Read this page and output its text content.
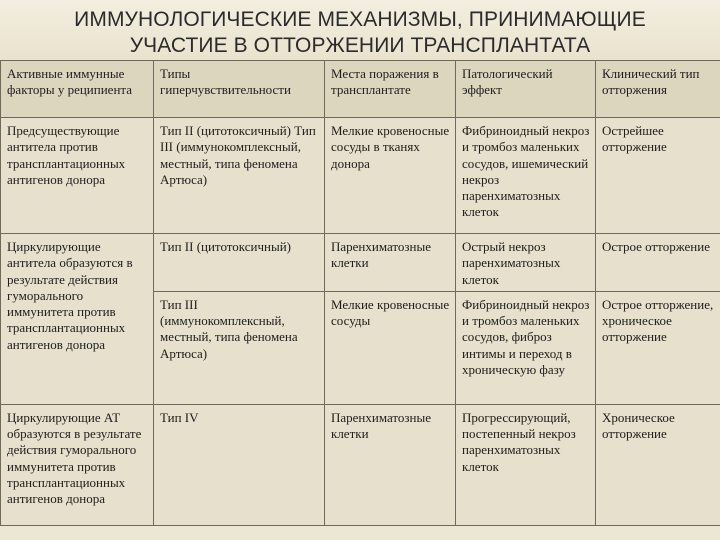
ИММУНОЛОГИЧЕСКИЕ МЕХАНИЗМЫ, ПРИНИМАЮЩИЕ
УЧАСТИЕ В ОТТОРЖЕНИИ ТРАНСПЛАНТАТА
Активные иммунные факторы у реципиента	Типы гиперчувствительности	Места поражения в трансплантате	Патологический эффект	Клинический тип отторжения

Предсуществующие антитела против трансплантационных антигенов донора	Тип II (цитотоксичный) Тип III (иммунокомплексный, местный, типа феномена Артюса)	Мелкие кровеносные сосуды в тканях донора	Фибриноидный некроз и тромбоз маленьких сосудов, ишемический некроз паренхиматозных клеток	Острейшее отторжение

Циркулирующие антитела образуются в результате действия гуморального иммунитета против трансплантационных антигенов донора	Тип II (цитотоксичный)	Паренхиматозные клетки	Острый некроз паренхиматозных клеток	Острое отторжение

	Тип III (иммунокомплексный, местный, типа феномена Артюса)	Мелкие кровеносные сосуды	Фибриноидный некроз и тромбоз маленьких сосудов, фиброз интимы и переход в хроническую фазу	Острое отторжение, хроническое отторжение

Циркулирующие АТ образуются в результате действия гуморального иммунитета против трансплантационных антигенов донора	Тип IV	Паренхиматозные клетки	Прогрессирующий, постепенный некроз паренхиматозных клеток	Хроническое отторжение
